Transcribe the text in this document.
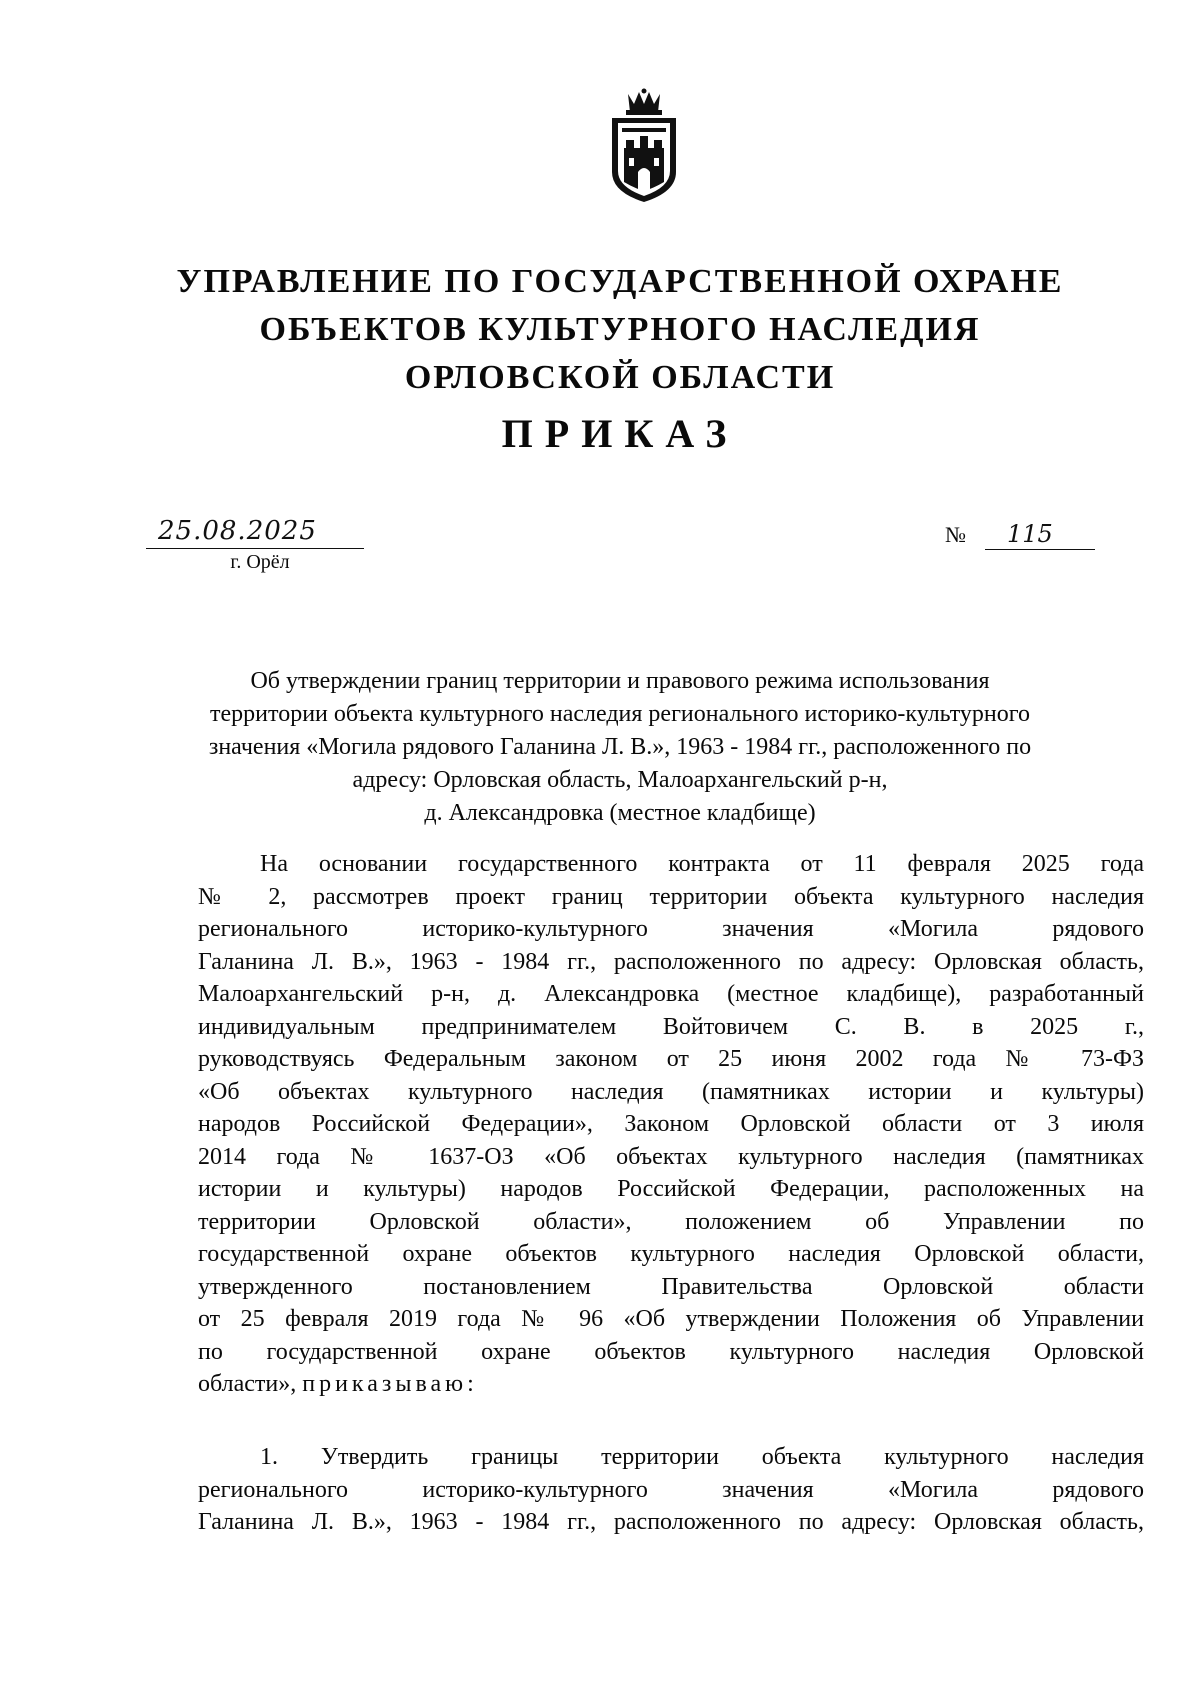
УПРАВЛЕНИЕ ПО ГОСУДАРСТВЕННОЙ ОХРАНЕ
ОБЪЕКТОВ КУЛЬТУРНОГО НАСЛЕДИЯ
ОРЛОВСКОЙ ОБЛАСТИ
ПРИКАЗ
25.08.2025
г. Орёл
№	115
Об утверждении границ территории и правового режима использования
территории объекта культурного наследия регионального историко-культурного
значения «Могила рядового Галанина Л. В.», 1963 - 1984 гг., расположенного по
адресу: Орловская область, Малоархангельский р-н,
д. Александровка (местное кладбище)
На основании государственного контракта от 11 февраля 2025 года
№ 2, рассмотрев проект границ территории объекта культурного наследия
регионального историко-культурного значения «Могила рядового
Галанина Л. В.», 1963 - 1984 гг., расположенного по адресу: Орловская область,
Малоархангельский р-н, д. Александровка (местное кладбище), разработанный
индивидуальным предпринимателем Войтовичем С. В. в 2025 г.,
руководствуясь Федеральным законом от 25 июня 2002 года № 73-ФЗ
«Об объектах культурного наследия (памятниках истории и культуры)
народов Российской Федерации», Законом Орловской области от 3 июля
2014 года № 1637-ОЗ «Об объектах культурного наследия (памятниках
истории и культуры) народов Российской Федерации, расположенных на
территории Орловской области», положением об Управлении по
государственной охране объектов культурного наследия Орловской области,
утвержденного постановлением Правительства Орловской области
от 25 февраля 2019 года № 96 «Об утверждении Положения об Управлении
по государственной охране объектов культурного наследия Орловской
области», приказываю:
1. Утвердить границы территории объекта культурного наследия
регионального историко-культурного значения «Могила рядового
Галанина Л. В.», 1963 - 1984 гг., расположенного по адресу: Орловская область,
